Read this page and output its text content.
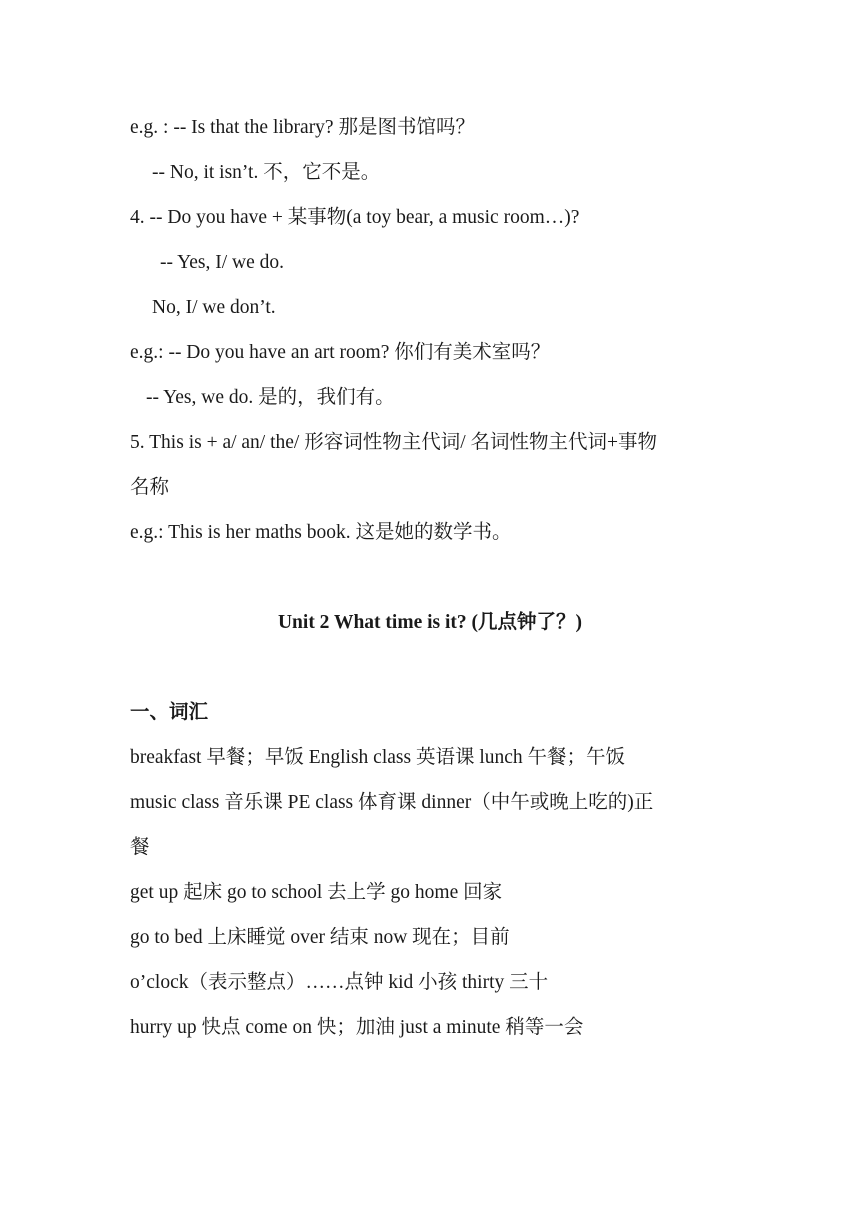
e.g. : -- Is that the library? 那是图书馆吗？
-- No, it isn’t. 不，它不是。
4. -- Do you have + 某事物(a toy bear, a music room…)?
-- Yes, I/ we do.
No, I/ we don’t.
e.g.: -- Do you have an art room? 你们有美术室吗？
-- Yes, we do. 是的，我们有。
5. This is + a/ an/ the/ 形容词性物主代词/ 名词性物主代词+事物
名称
e.g.: This is her maths book. 这是她的数学书。
Unit 2 What time is it? (几点钟了？)
一、词汇
breakfast 早餐；早饭 English class 英语课 lunch 午餐；午饭
music class 音乐课 PE class 体育课 dinner（中午或晚上吃的)正
餐
get up 起床 go to school 去上学 go home 回家
go to bed 上床睡觉 over 结束 now 现在；目前
o’clock（表示整点）……点钟 kid 小孩 thirty 三十
hurry up 快点 come on 快；加油 just a minute 稍等一会
